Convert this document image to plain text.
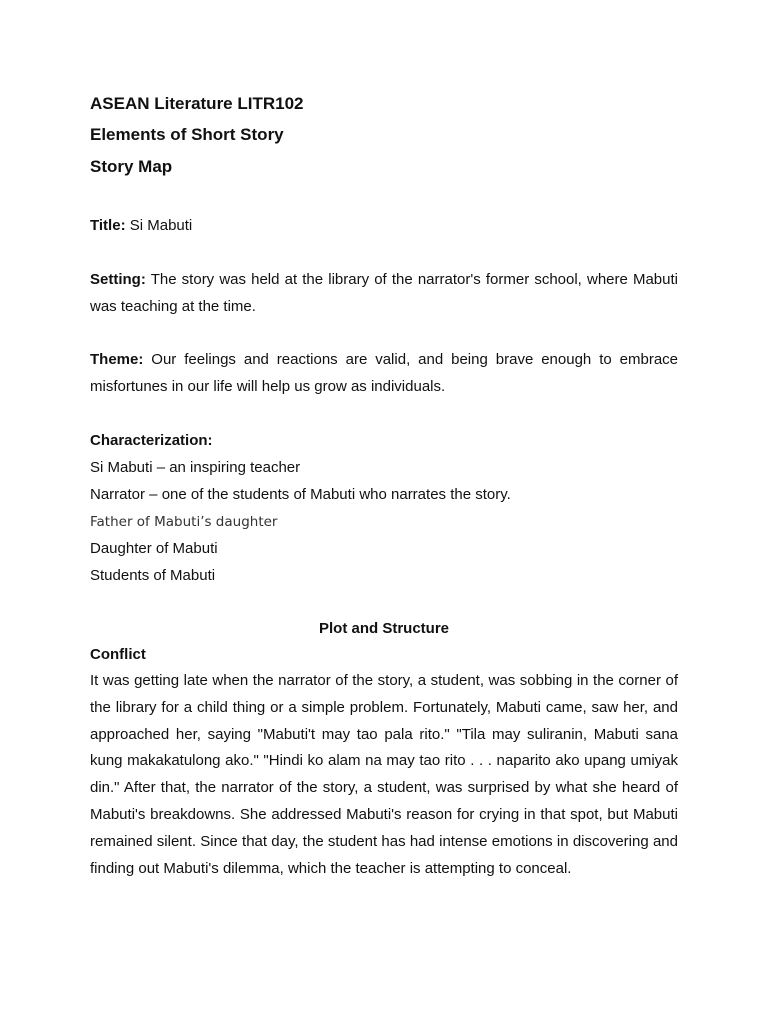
ASEAN Literature LITR102
Elements of Short Story
Story Map
Title: Si Mabuti
Setting: The story was held at the library of the narrator's former school, where Mabuti was teaching at the time.
Theme: Our feelings and reactions are valid, and being brave enough to embrace misfortunes in our life will help us grow as individuals.
Characterization:
Si Mabuti – an inspiring teacher
Narrator – one of the students of Mabuti who narrates the story.
Father of Mabuti’s daughter
Daughter of Mabuti
Students of Mabuti
Plot and Structure
Conflict
It was getting late when the narrator of the story, a student, was sobbing in the corner of the library for a child thing or a simple problem. Fortunately, Mabuti came, saw her, and approached her, saying "Mabuti't may tao pala rito." "Tila may suliranin, Mabuti sana kung makakatulong ako." "Hindi ko alam na may tao rito . . . naparito ako upang umiyak din." After that, the narrator of the story, a student, was surprised by what she heard of Mabuti's breakdowns. She addressed Mabuti's reason for crying in that spot, but Mabuti remained silent. Since that day, the student has had intense emotions in discovering and finding out Mabuti's dilemma, which the teacher is attempting to conceal.
